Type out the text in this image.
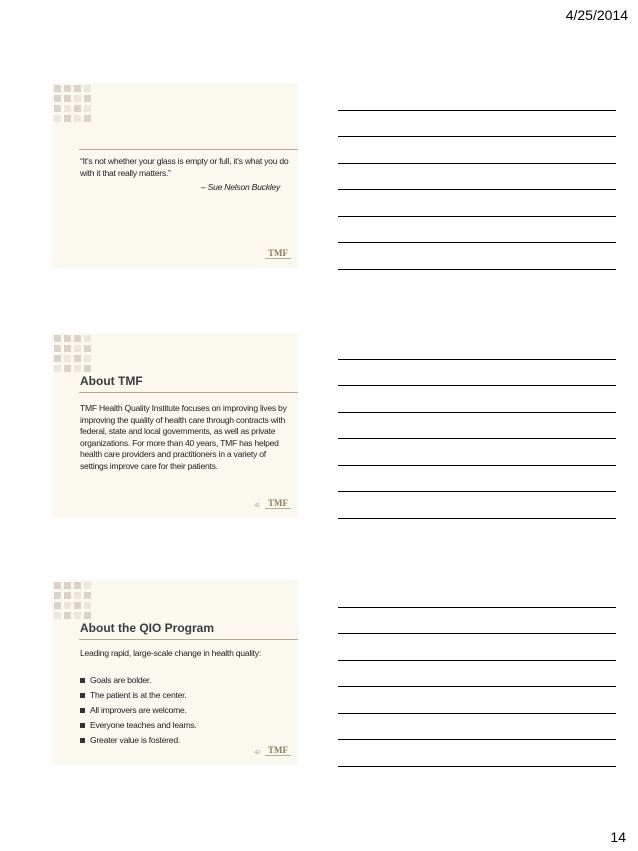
4/25/2014
“It’s not whether your glass is empty or full, it’s what you do with it that really matters.”
– Sue Nelson Buckley
TMF
About TMF
TMF Health Quality Institute focuses on improving lives by improving the quality of health care through contracts with federal, state and local governments, as well as private organizations. For more than 40 years, TMF has helped health care providers and practitioners in a variety of settings improve care for their patients.
41 TMF
About the QIO Program
Leading rapid, large-scale change in health quality:
Goals are bolder.
The patient is at the center.
All improvers are welcome.
Everyone teaches and learns.
Greater value is fostered.
42 TMF
14
